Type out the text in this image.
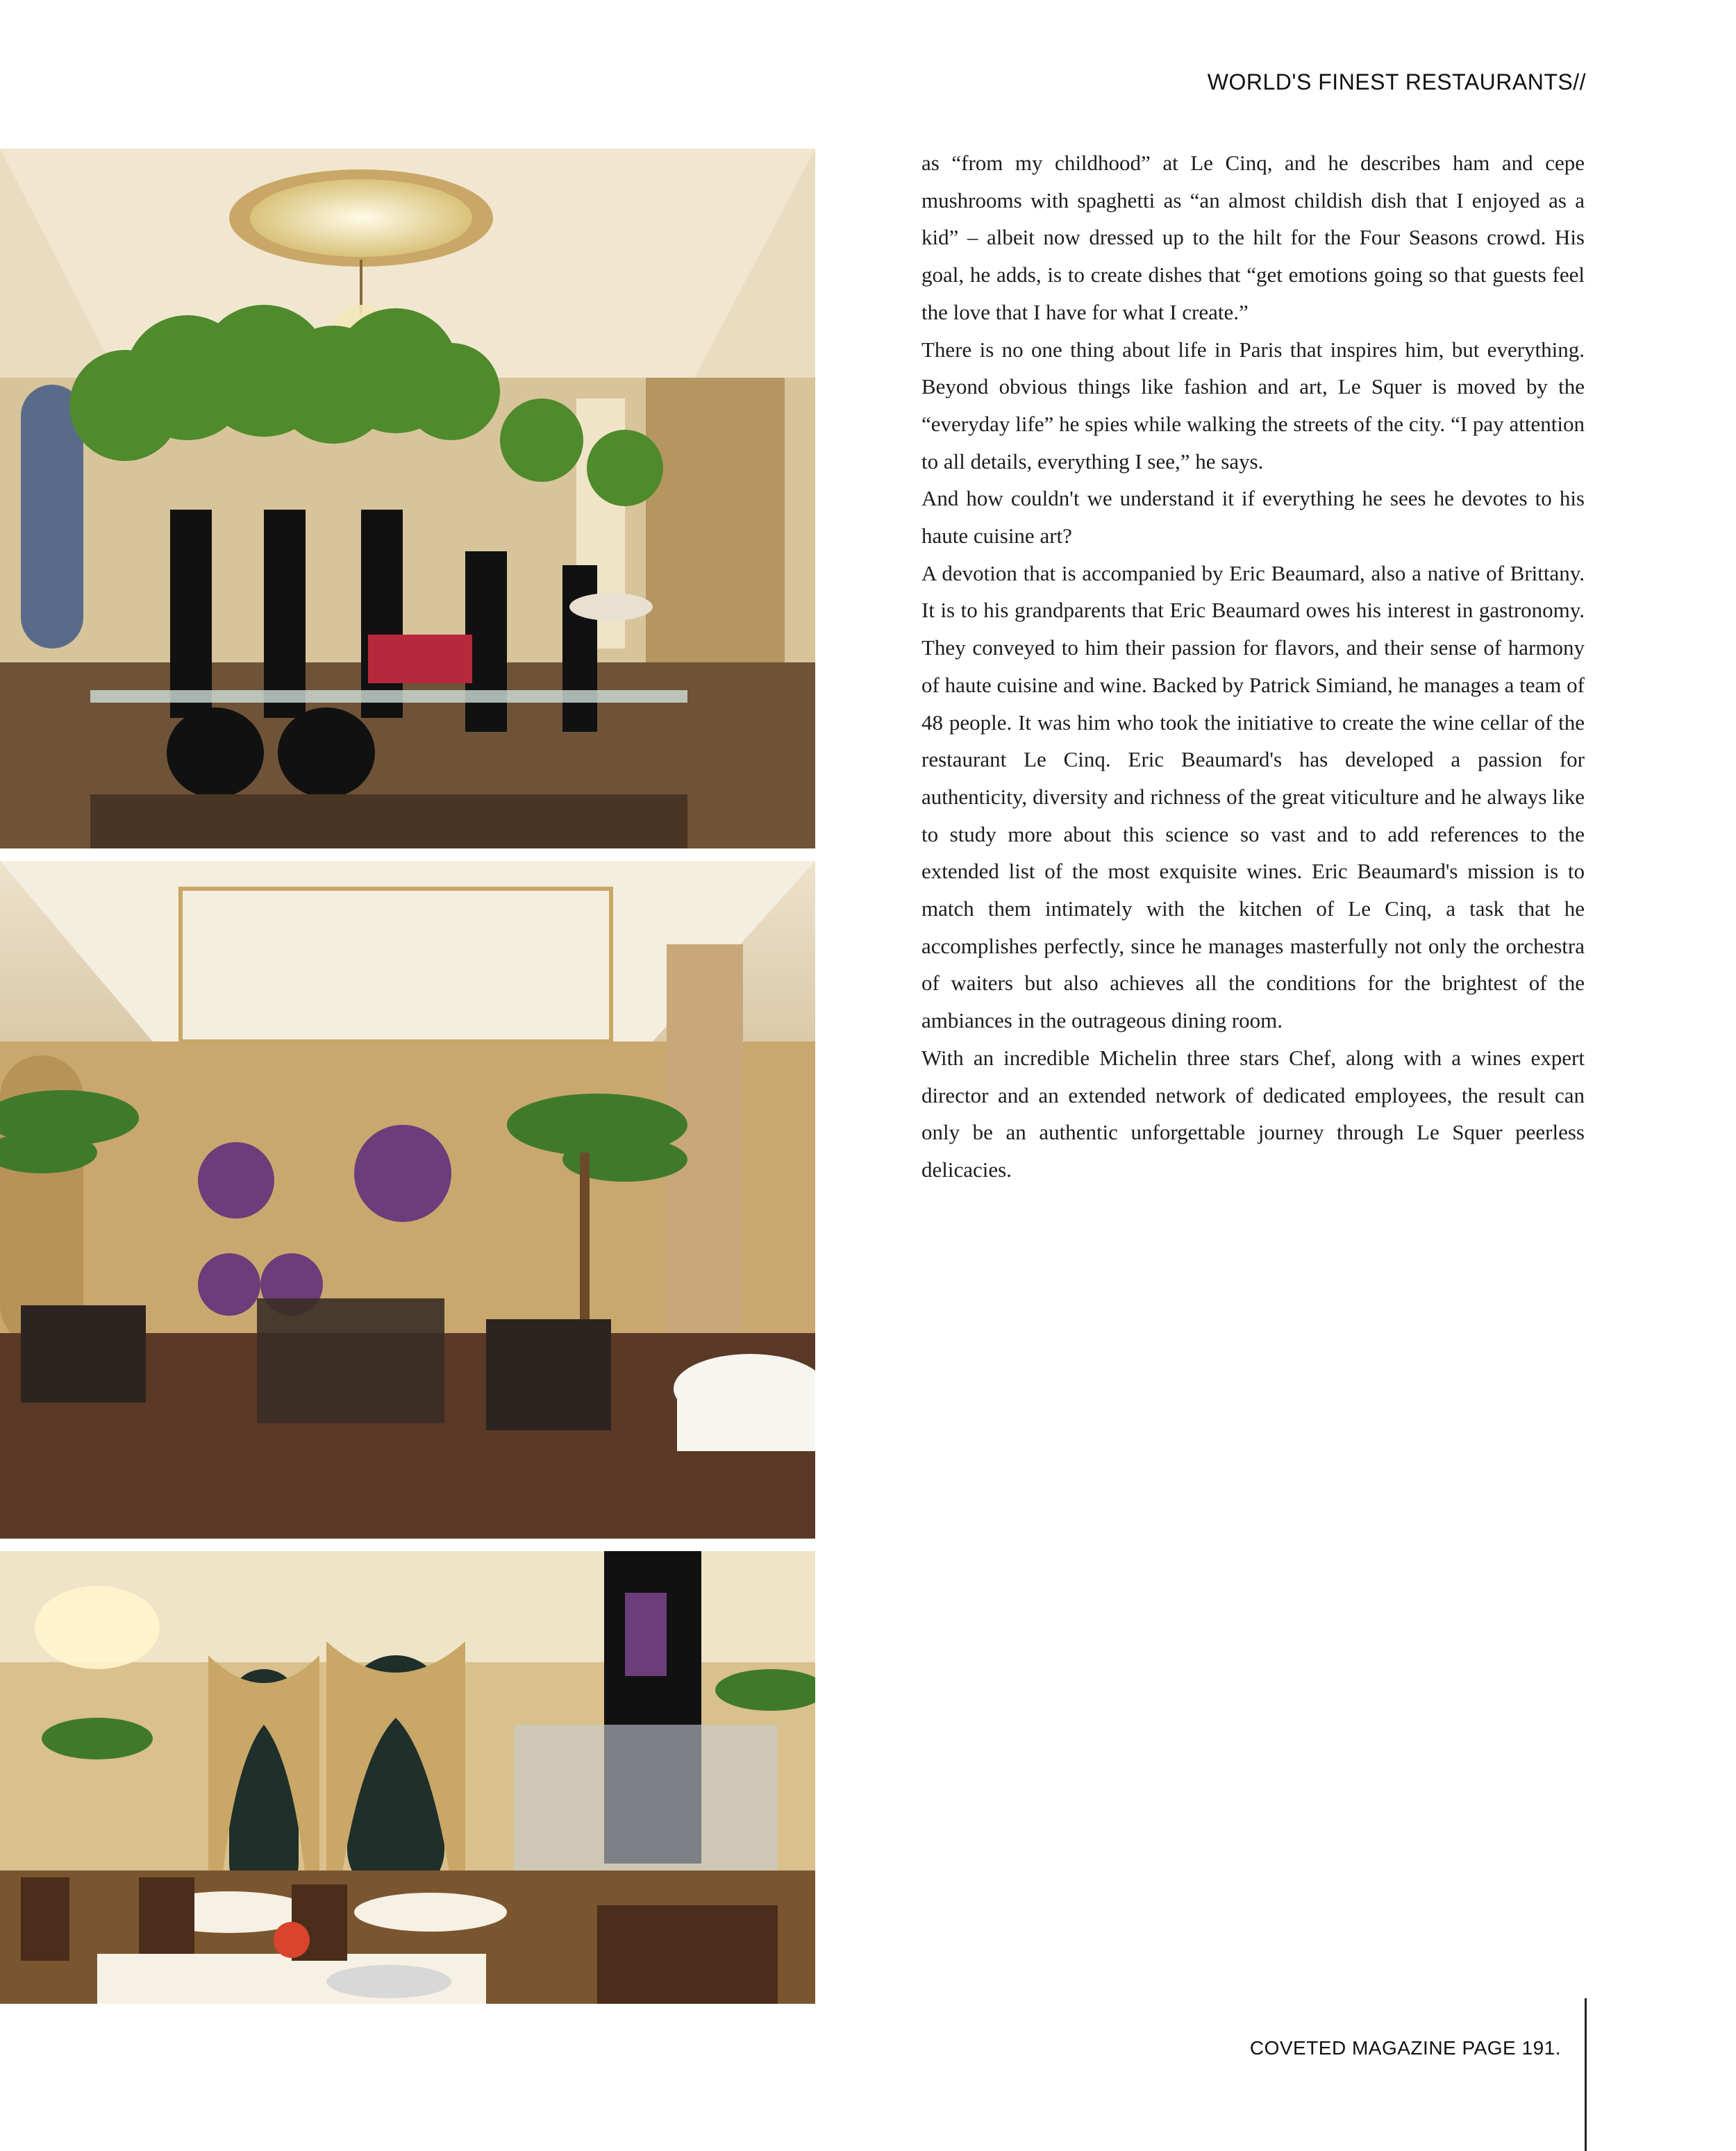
WORLD'S FINEST RESTAURANTS//

as “from my childhood” at Le Cinq, and he describes ham and cepe mushrooms with spaghetti as “an almost childish dish that I enjoyed as a kid” – albeit now dressed up to the hilt for the Four Seasons crowd. His goal, he adds, is to create dishes that “get emotions going so that guests feel the love that I have for what I create.”

There is no one thing about life in Paris that inspires him, but everything. Beyond obvious things like fashion and art, Le Squer is moved by the “everyday life” he spies while walking the streets of the city. “I pay attention to all details, everything I see,” he says.

And how couldn't we understand it if everything he sees he devotes to his haute cuisine art?

A devotion that is accompanied by Eric Beaumard, also a native of Brittany. It is to his grandparents that Eric Beaumard owes his interest in gastronomy. They conveyed to him their passion for flavors, and their sense of harmony of haute cuisine and wine. Backed by Patrick Simiand, he manages a team of 48 people. It was him who took the initiative to create the wine cellar of the restaurant Le Cinq. Eric Beaumard's has developed a passion for authenticity, diversity and richness of the great viticulture and he always like to study more about this science so vast and to add references to the extended list of the most exquisite wines. Eric Beaumard's mission is to match them intimately with the kitchen of Le Cinq, a task that he accomplishes perfectly, since he manages masterfully not only the orchestra of waiters but also achieves all the conditions for the brightest of the ambiances in the outrageous dining room.

With an incredible Michelin three stars Chef, along with a wines expert director and an extended network of dedicated employees, the result can only be an authentic unforgettable journey through Le Squer peerless delicacies.

COVETED MAGAZINE PAGE 191.
